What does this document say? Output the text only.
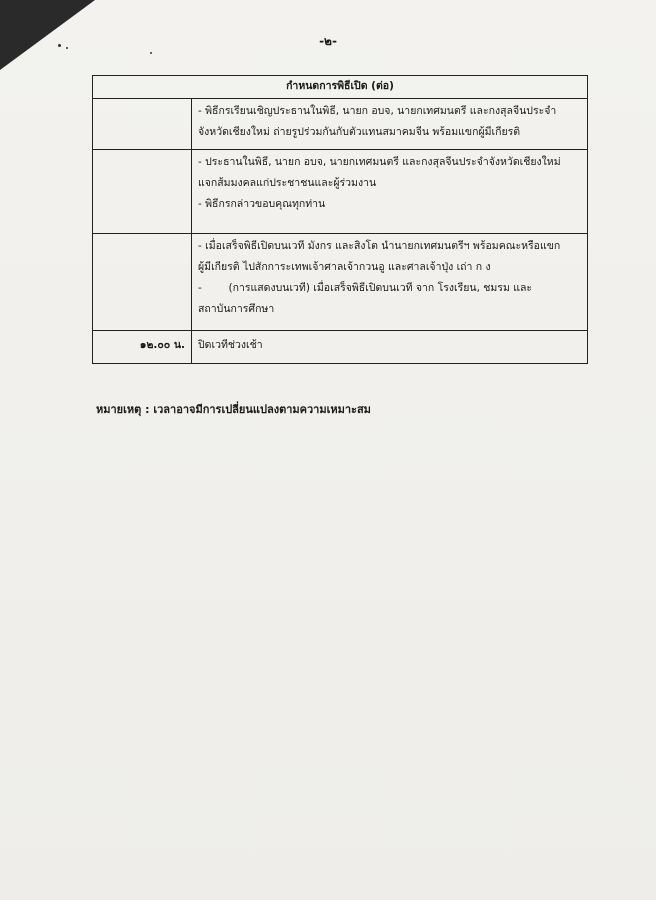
-๒-
กำหนดการพิธีเปิด (ต่อ)	

	- พิธีกรเรียนเชิญประธานในพิธี, นายก อบจ, นายกเทศมนตรี และกงสุลจีนประจำ
จังหวัดเชียงใหม่ ถ่ายรูปร่วมกันกับตัวแทนสมาคมจีน พร้อมแขกผู้มีเกียรติ

	- ประธานในพิธี, นายก อบจ, นายกเทศมนตรี และกงสุลจีนประจำจังหวัดเชียงใหม่
แจกส้มมงคลแก่ประชาชนและผู้ร่วมงาน
- พิธีกรกล่าวขอบคุณทุกท่าน

	- เมื่อเสร็จพิธีเปิดบนเวที มังกร และสิงโต นำนายกเทศมนตรีฯ พร้อมคณะหรือแขก
ผู้มีเกียรติ ไปสักการะเทพเจ้าศาลเจ้ากวนอู และศาลเจ้าปุ่ง เถ่า ก ง
-        (การแสดงบนเวที) เมื่อเสร็จพิธีเปิดบนเวที จาก โรงเรียน, ชมรม และ
สถาบันการศึกษา

๑๒.๐๐ น.	ปิดเวทีช่วงเช้า
หมายเหตุ : เวลาอาจมีการเปลี่ยนแปลงตามความเหมาะสม
